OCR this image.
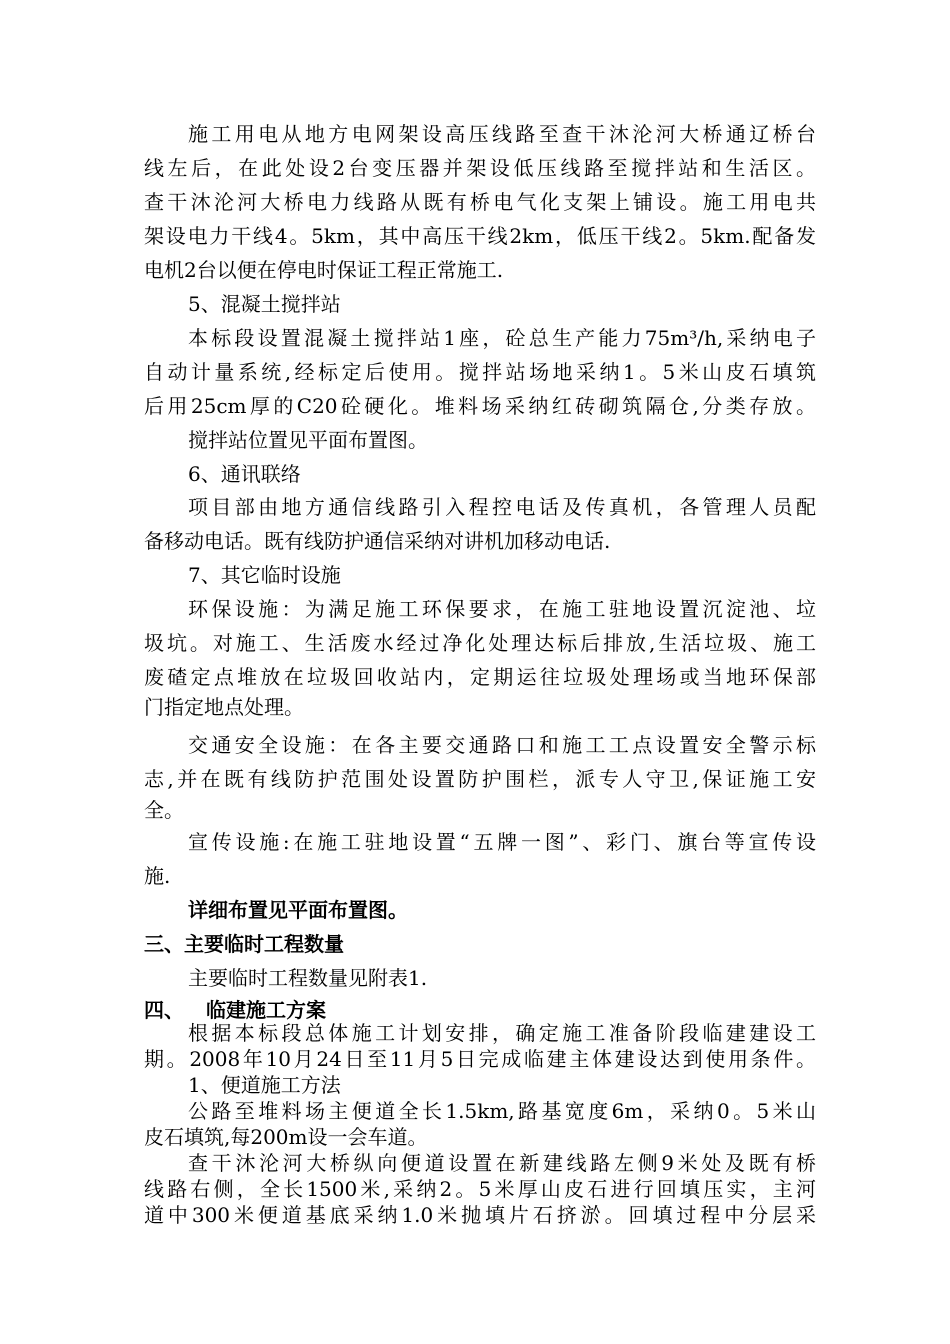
施工用电从地方电网架设高压线路至查干沐沦河大桥通辽桥台
线左后，在此处设2台变压器并架设低压线路至搅拌站和生活区。
查干沐沦河大桥电力线路从既有桥电气化支架上铺设。施工用电共
架设电力干线4。5km，其中高压干线2km，低压干线2。5km.配备发
电机2台以便在停电时保证工程正常施工.
5、混凝土搅拌站
本标段设置混凝土搅拌站1座，砼总生产能力75m³/h,采纳电子
自动计量系统,经标定后使用。搅拌站场地采纳1。5米山皮石填筑
后用25cm厚的C20砼硬化。堆料场采纳红砖砌筑隔仓,分类存放。
搅拌站位置见平面布置图。
6、通讯联络
项目部由地方通信线路引入程控电话及传真机，各管理人员配
备移动电话。既有线防护通信采纳对讲机加移动电话.
7、其它临时设施
环保设施：为满足施工环保要求，在施工驻地设置沉淀池、垃
圾坑。对施工、生活废水经过净化处理达标后排放,生活垃圾、施工
废碴定点堆放在垃圾回收站内，定期运往垃圾处理场或当地环保部
门指定地点处理。
交通安全设施：在各主要交通路口和施工工点设置安全警示标
志,并在既有线防护范围处设置防护围栏，派专人守卫,保证施工安
全。
宣传设施:在施工驻地设置“五牌一图”、彩门、旗台等宣传设
施.
详细布置见平面布置图。
三、主要临时工程数量
主要临时工程数量见附表1.
四、 临建施工方案
根据本标段总体施工计划安排，确定施工准备阶段临建建设工
期。2008年10月24日至11月5日完成临建主体建设达到使用条件。
1、便道施工方法
公路至堆料场主便道全长1.5km,路基宽度6m，采纳0。5米山
皮石填筑,每200m设一会车道。
查干沐沦河大桥纵向便道设置在新建线路左侧9米处及既有桥
线路右侧，全长1500米,采纳2。5米厚山皮石进行回填压实，主河
道中300米便道基底采纳1.0米抛填片石挤淤。回填过程中分层采
